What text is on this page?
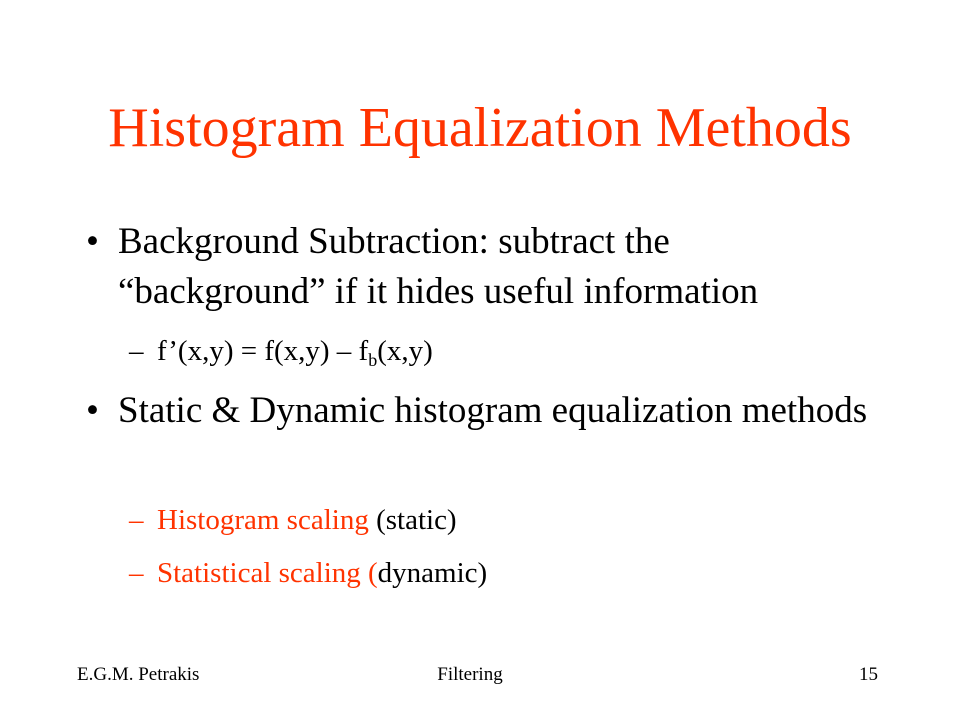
Histogram Equalization Methods
• Background Subtraction: subtract the “background” if it hides useful information
– f’(x,y) = $f(x,y) - f_b(x,y)$
• Static & Dynamic histogram equalization methods
– Histogram scaling (static)
– Statistical scaling (dynamic)
E.G.M. Petrakis	Filtering	15
